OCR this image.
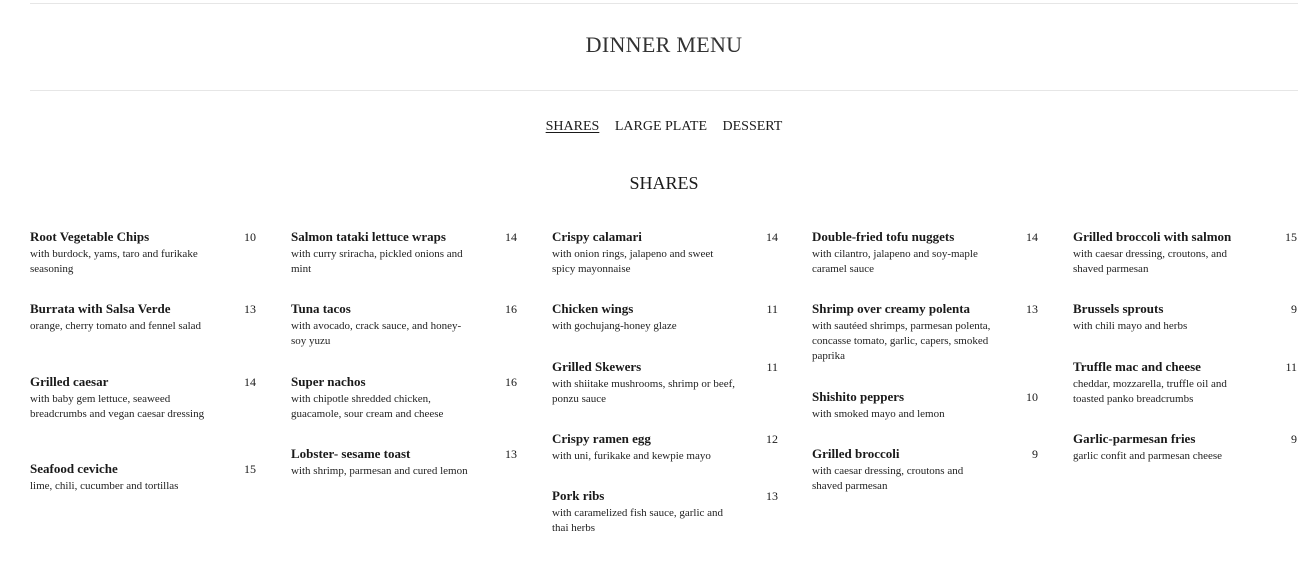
DINNER MENU
SHARES LARGE PLATE DESSERT
SHARES
Root Vegetable Chips	10
with burdock, yams, taro and furikake seasoning
Burrata with Salsa Verde	13
orange, cherry tomato and fennel salad
Grilled caesar	14
with baby gem lettuce, seaweed breadcrumbs and vegan caesar dressing
Seafood ceviche	15
lime, chili, cucumber and tortillas
Salmon tataki lettuce wraps	14
with curry sriracha, pickled onions and mint
Tuna tacos	16
with avocado, crack sauce, and honey-soy yuzu
Super nachos	16
with chipotle shredded chicken, guacamole, sour cream and cheese
Lobster- sesame toast	13
with shrimp, parmesan and cured lemon
Crispy calamari	14
with onion rings, jalapeno and sweet spicy mayonnaise
Chicken wings	11
with gochujang-honey glaze
Grilled Skewers	11
with shiitake mushrooms, shrimp or beef, ponzu sauce
Crispy ramen egg	12
with uni, furikake and kewpie mayo
Pork ribs	13
with caramelized fish sauce, garlic and thai herbs
Double-fried tofu nuggets	14
with cilantro, jalapeno and soy-maple caramel sauce
Shrimp over creamy polenta	13
with sautéed shrimps, parmesan polenta, concasse tomato, garlic, capers, smoked paprika
Shishito peppers	10
with smoked mayo and lemon
Grilled broccoli	9
with caesar dressing, croutons and shaved parmesan
Grilled broccoli with salmon	15
with caesar dressing, croutons, and shaved parmesan
Brussels sprouts	9
with chili mayo and herbs
Truffle mac and cheese	11
cheddar, mozzarella, truffle oil and toasted panko breadcrumbs
Garlic-parmesan fries	9
garlic confit and parmesan cheese
